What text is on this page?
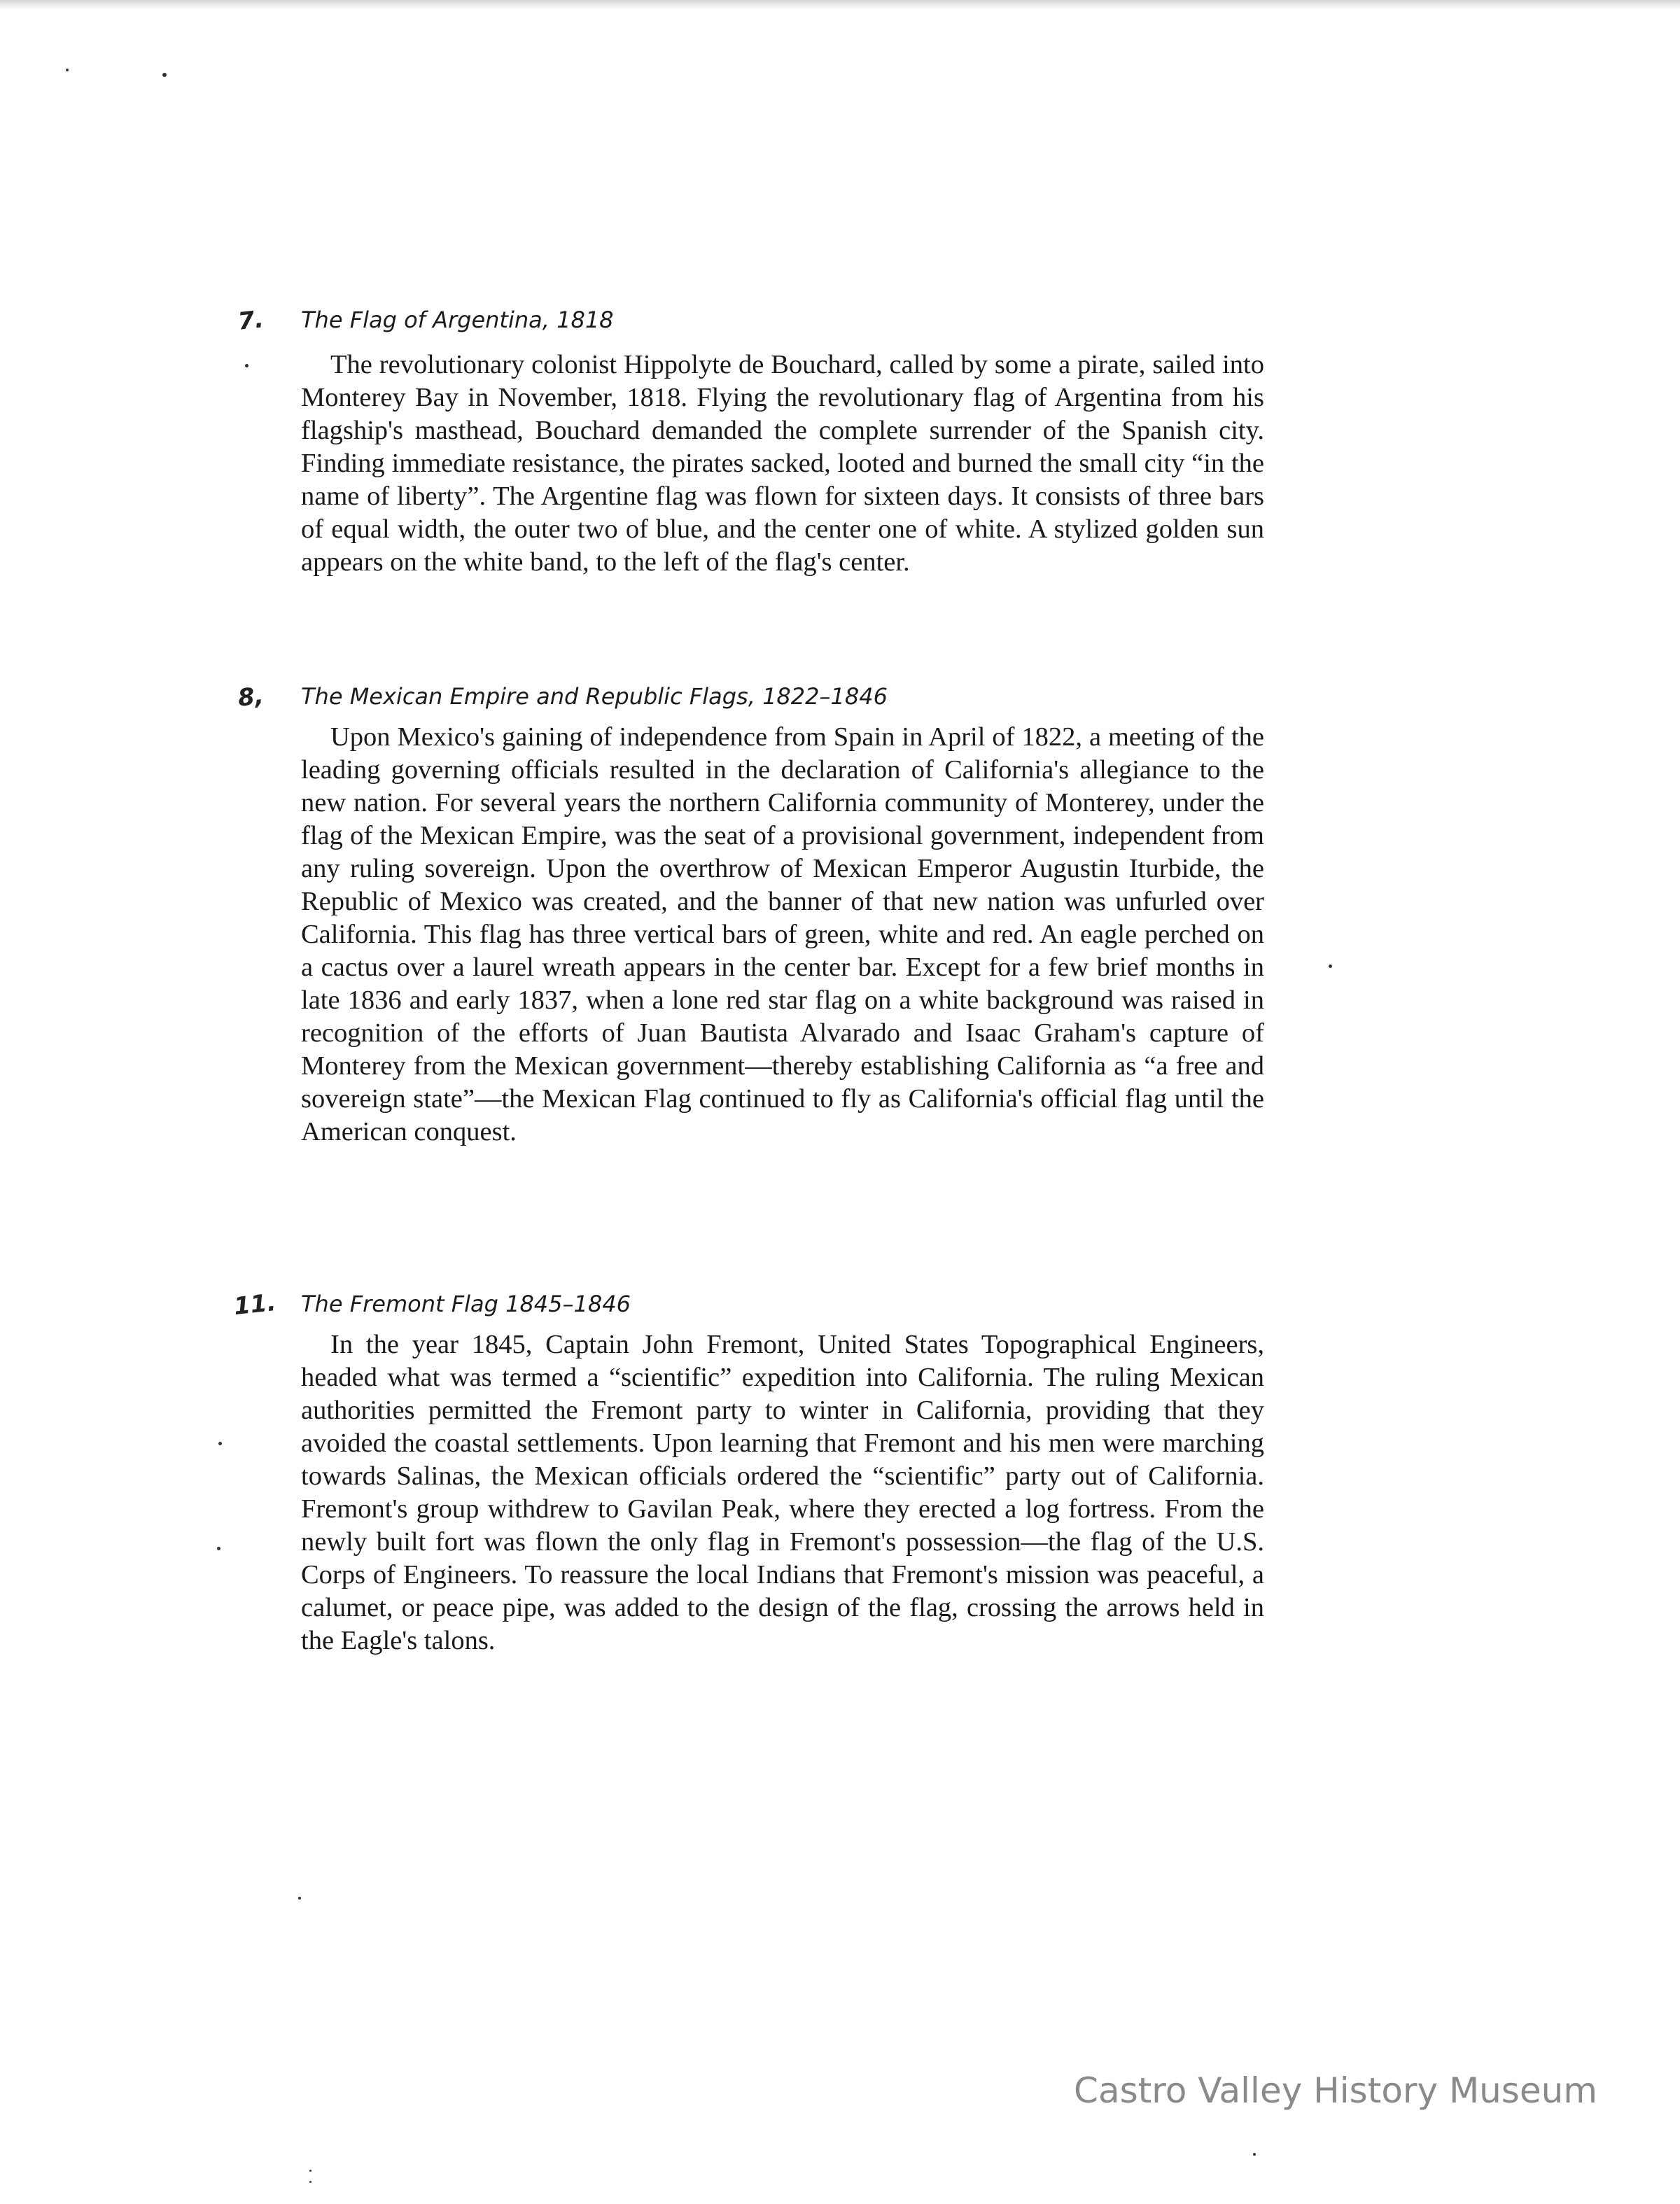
7. The Flag of Argentina, 1818

The revolutionary colonist Hippolyte de Bouchard, called by some a pirate, sailed into Monterey Bay in November, 1818. Flying the revolutionary flag of Argentina from his flagship's masthead, Bouchard demanded the complete surrender of the Spanish city. Finding immediate resistance, the pirates sacked, looted and burned the small city “in the name of liberty”. The Argentine flag was flown for sixteen days. It consists of three bars of equal width, the outer two of blue, and the center one of white. A stylized golden sun appears on the white band, to the left of the flag's center.

8, The Mexican Empire and Republic Flags, 1822–1846

Upon Mexico's gaining of independence from Spain in April of 1822, a meeting of the leading governing officials resulted in the declaration of California's allegiance to the new nation. For several years the northern California community of Monterey, under the flag of the Mexican Empire, was the seat of a provisional government, independent from any ruling sovereign. Upon the overthrow of Mexican Emperor Augustin Iturbide, the Republic of Mexico was created, and the banner of that new nation was unfurled over California. This flag has three vertical bars of green, white and red. An eagle perched on a cactus over a laurel wreath appears in the center bar. Except for a few brief months in late 1836 and early 1837, when a lone red star flag on a white background was raised in recognition of the efforts of Juan Bautista Alvarado and Isaac Graham's capture of Monterey from the Mexican government—thereby establishing California as “a free and sovereign state”—the Mexican Flag continued to fly as California's official flag until the American conquest.

11. The Fremont Flag 1845–1846

In the year 1845, Captain John Fremont, United States Topographical Engineers, headed what was termed a “scientific” expedition into California. The ruling Mexican authorities permitted the Fremont party to winter in California, providing that they avoided the coastal settlements. Upon learning that Fremont and his men were marching towards Salinas, the Mexican officials ordered the “scientific” party out of California. Fremont's group withdrew to Gavilan Peak, where they erected a log fortress. From the newly built fort was flown the only flag in Fremont's possession—the flag of the U.S. Corps of Engineers. To reassure the local Indians that Fremont's mission was peaceful, a calumet, or peace pipe, was added to the design of the flag, crossing the arrows held in the Eagle's talons.

Castro Valley History Museum
